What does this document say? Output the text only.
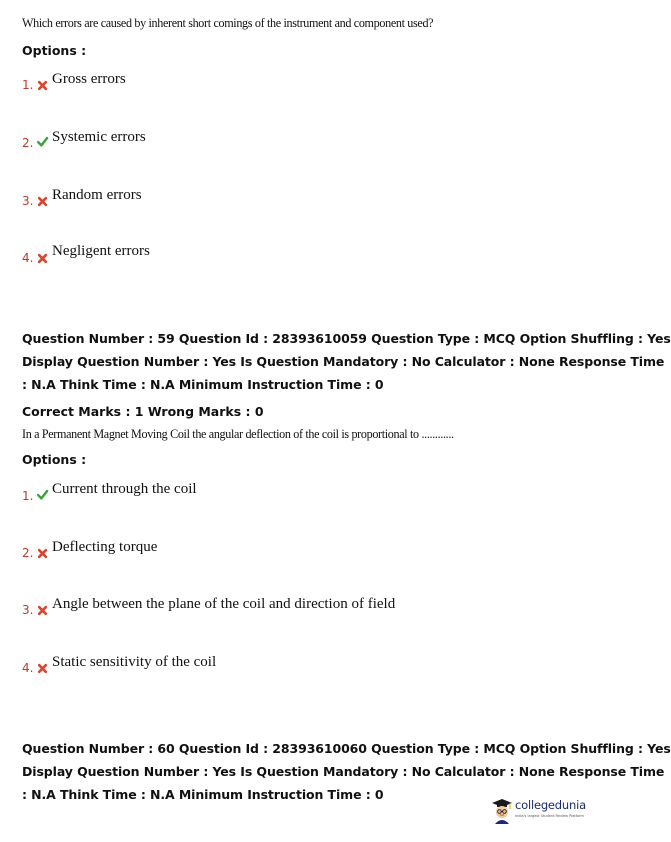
Which errors are caused by inherent short comings of the instrument and component used?
Options :
1. Gross errors
2. Systemic errors
3. Random errors
4. Negligent errors
Question Number : 59 Question Id : 28393610059 Question Type : MCQ Option Shuffling : Yes
Display Question Number : Yes Is Question Mandatory : No Calculator : None Response Time
: N.A Think Time : N.A Minimum Instruction Time : 0
Correct Marks : 1 Wrong Marks : 0
In a Permanent Magnet Moving Coil the angular deflection of the coil is proportional to ............
Options :
1. Current through the coil
2. Deflecting torque
3. Angle between the plane of the coil and direction of field
4. Static sensitivity of the coil
Question Number : 60 Question Id : 28393610060 Question Type : MCQ Option Shuffling : Yes
Display Question Number : Yes Is Question Mandatory : No Calculator : None Response Time
: N.A Think Time : N.A Minimum Instruction Time : 0
collegedunia
India's largest Student Review Platform
